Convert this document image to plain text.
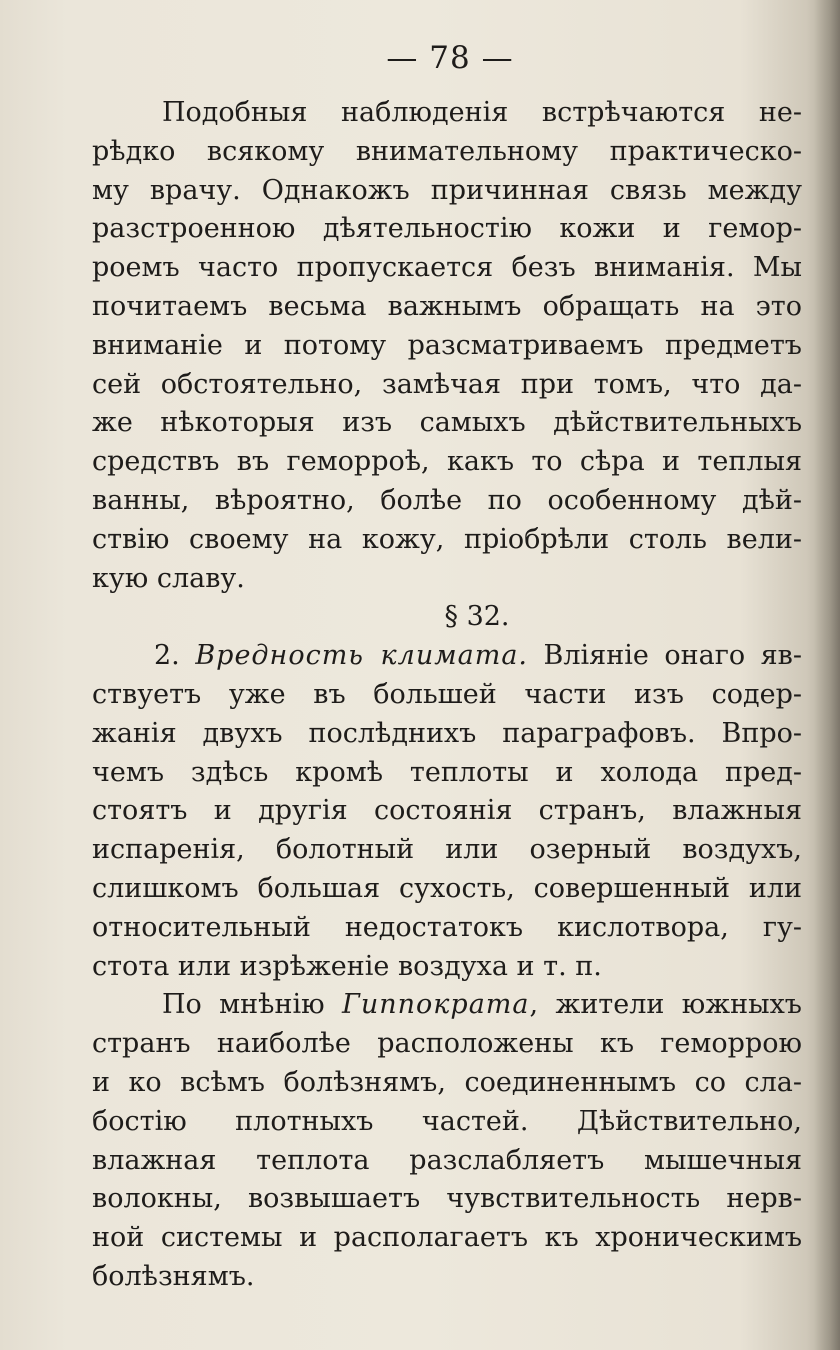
— 78 —
Подобныя наблюденія встрѣчаются не-
рѣдко всякому внимательному практическо-
му врачу. Однакожъ причинная связь между
разстроенною дѣятельностію кожи и гемор-
роемъ часто пропускается безъ вниманія. Мы
почитаемъ весьма важнымъ обращать на это
вниманіе и потому разсматриваемъ предметъ
сей обстоятельно, замѣчая при томъ, что да-
же нѣкоторыя изъ самыхъ дѣйствительныхъ
средствъ въ геморроѣ, какъ то сѣра и теплыя
ванны, вѣроятно, болѣе по особенному дѣй-
ствію своему на кожу, пріобрѣли столь вели-
кую славу.
§ 32.
2. Вредность климата. Вліяніе онаго яв-
ствуетъ уже въ большей части изъ содер-
жанія двухъ послѣднихъ параграфовъ. Впро-
чемъ здѣсь кромѣ теплоты и холода пред-
стоятъ и другія состоянія странъ, влажныя
испаренія, болотный или озерный воздухъ,
слишкомъ большая сухость, совершенный или
относительный недостатокъ кислотвора, гу-
стота или изрѣженіе воздуха и т. п.
По мнѣнію Гиппократа, жители южныхъ
странъ наиболѣе расположены къ геморрою
и ко всѣмъ болѣзнямъ, соединеннымъ со сла-
бостію плотныхъ частей. Дѣйствительно,
влажная теплота разслабляетъ мышечныя
волокны, возвышаетъ чувствительность нерв-
ной системы и располагаетъ къ хроническимъ
болѣзнямъ.
